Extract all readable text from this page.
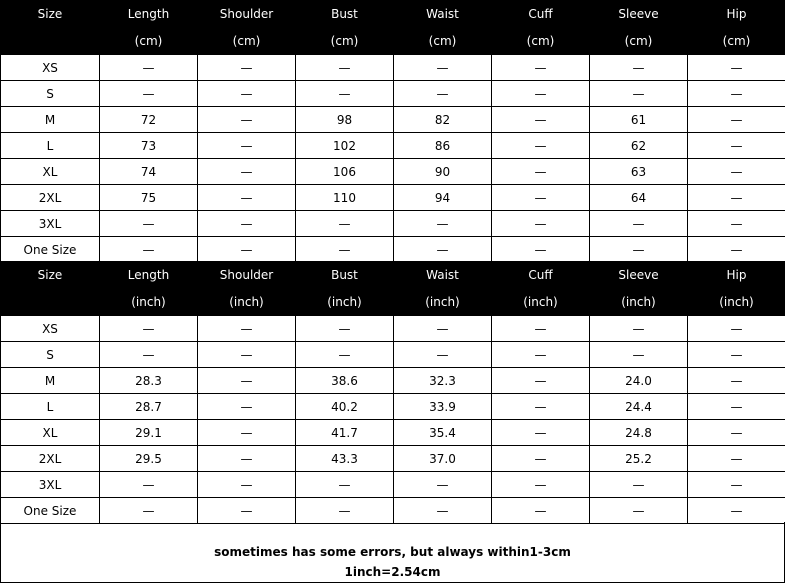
Size	Length	Shoulder	Bust	Waist	Cuff	Sleeve	Hip
	(cm)	(cm)	(cm)	(cm)	(cm)	(cm)	(cm)
XS	—	—	—	—	—	—	—
S	—	—	—	—	—	—	—
M	72	—	98	82	—	61	—
L	73	—	102	86	—	62	—
XL	74	—	106	90	—	63	—
2XL	75	—	110	94	—	64	—
3XL	—	—	—	—	—	—	—
One Size	—	—	—	—	—	—	—
Size	Length	Shoulder	Bust	Waist	Cuff	Sleeve	Hip
	(inch)	(inch)	(inch)	(inch)	(inch)	(inch)	(inch)
XS	—	—	—	—	—	—	—
S	—	—	—	—	—	—	—
M	28.3	—	38.6	32.3	—	24.0	—
L	28.7	—	40.2	33.9	—	24.4	—
XL	29.1	—	41.7	35.4	—	24.8	—
2XL	29.5	—	43.3	37.0	—	25.2	—
3XL	—	—	—	—	—	—	—
One Size	—	—	—	—	—	—	—
sometimes has some errors, but always within1-3cm
1inch=2.54cm
